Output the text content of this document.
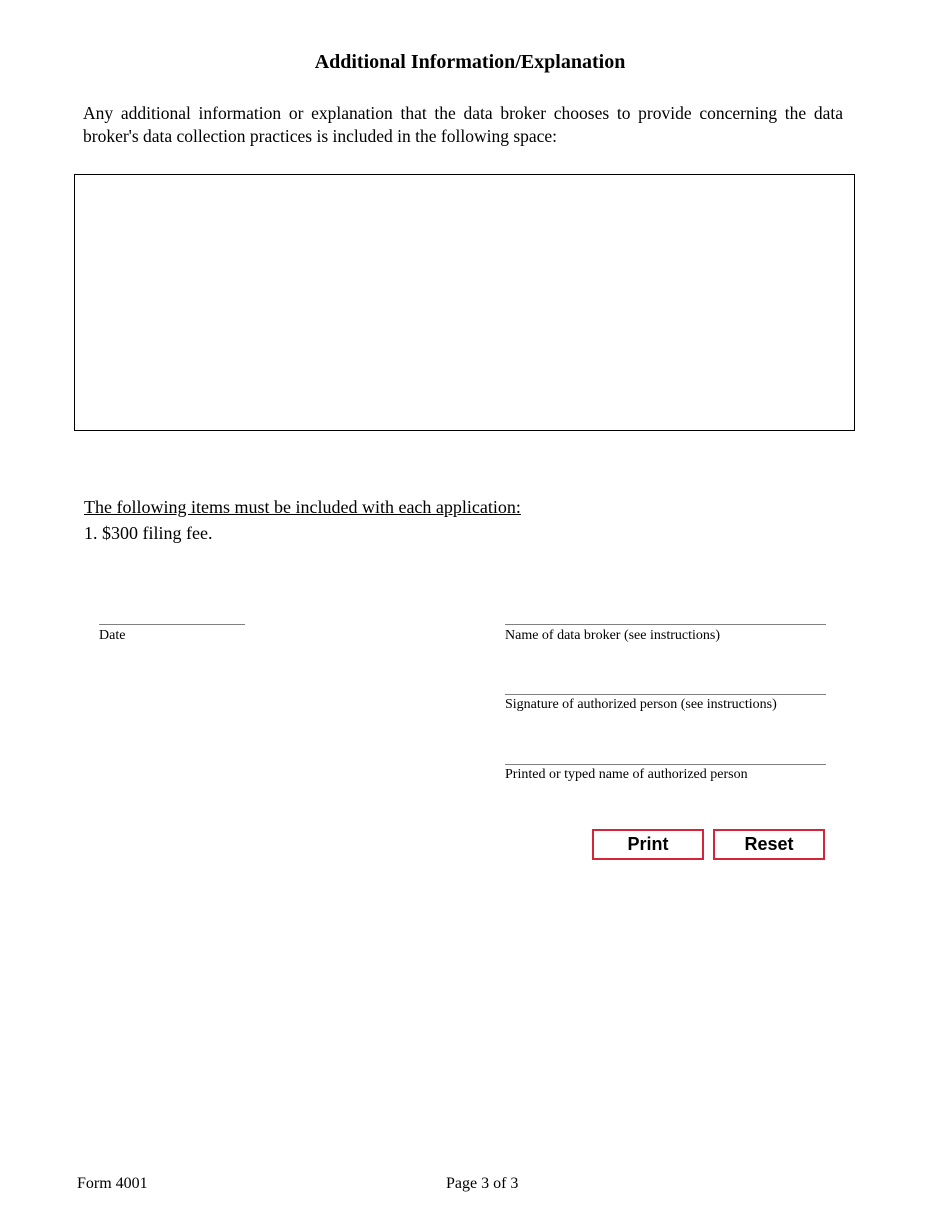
Additional Information/Explanation
Any additional information or explanation that the data broker chooses to provide concerning the data broker's data collection practices is included in the following space:
The following items must be included with each application:
1. $300 filing fee.
Date	Name of data broker (see instructions)
Signature of authorized person (see instructions)
Printed or typed name of authorized person
Print	Reset
Form 4001	Page 3 of 3
